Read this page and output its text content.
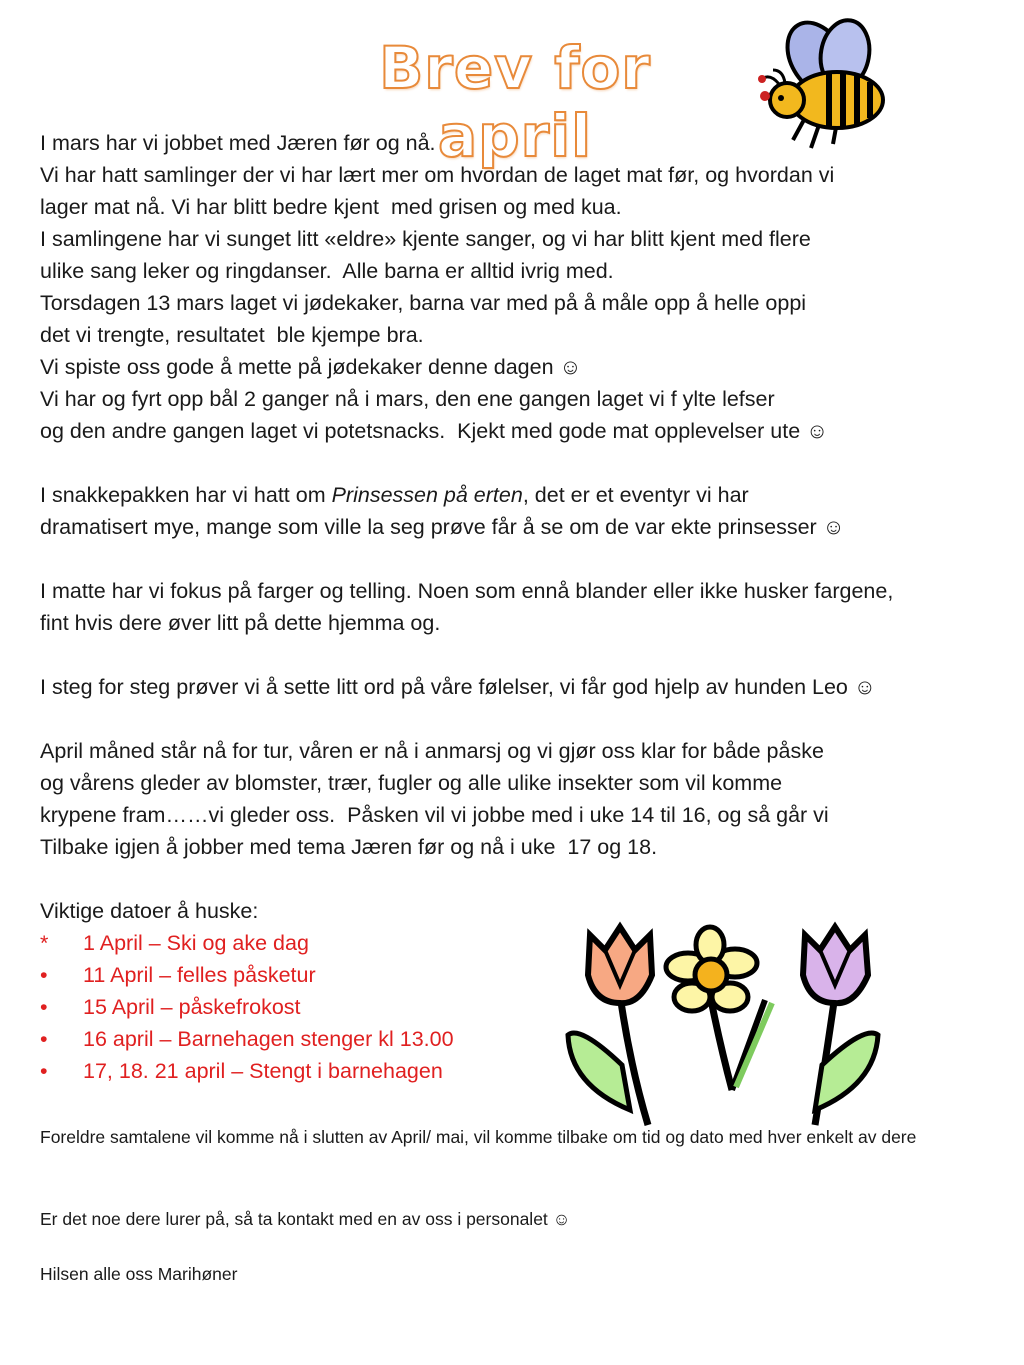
Brev for april

I mars har vi jobbet med Jæren før og nå.

Vi har hatt samlinger der vi har lært mer om hvordan de laget mat før, og hvordan vi

lager mat nå. Vi har blitt bedre kjent  med grisen og med kua.

I samlingene har vi sunget litt «eldre» kjente sanger, og vi har blitt kjent med flere

ulike sang leker og ringdanser.  Alle barna er alltid ivrig med.

Torsdagen 13 mars laget vi jødekaker, barna var med på å måle opp å helle oppi

det vi trengte, resultatet  ble kjempe bra.

Vi spiste oss gode å mette på jødekaker denne dagen ☺

Vi har og fyrt opp bål 2 ganger nå i mars, den ene gangen laget vi f ylte lefser

og den andre gangen laget vi potetsnacks.  Kjekt med gode mat opplevelser ute ☺

I snakkepakken har vi hatt om Prinsessen på erten, det er et eventyr vi har

dramatisert mye, mange som ville la seg prøve får å se om de var ekte prinsesser ☺

I matte har vi fokus på farger og telling. Noen som ennå blander eller ikke husker fargene,

fint hvis dere øver litt på dette hjemma og.

I steg for steg prøver vi å sette litt ord på våre følelser, vi får god hjelp av hunden Leo ☺

April måned står nå for tur, våren er nå i anmarsj og vi gjør oss klar for både påske

og vårens gleder av blomster, trær, fugler og alle ulike insekter som vil komme

krypene fram……vi gleder oss.  Påsken vil vi jobbe med i uke 14 til 16, og så går vi

Tilbake igjen å jobber med tema Jæren før og nå i uke  17 og 18.

Viktige datoer å huske:

* 1 April – Ski og ake dag
• 11 April – felles påsketur
• 15 April – påskefrokost
• 16 april – Barnehagen stenger kl 13.00
• 17, 18. 21 april – Stengt i barnehagen

Foreldre samtalene vil komme nå i slutten av April/ mai, vil komme tilbake om tid og dato med hver enkelt av dere

Er det noe dere lurer på, så ta kontakt med en av oss i personalet ☺

Hilsen alle oss Marihøner
